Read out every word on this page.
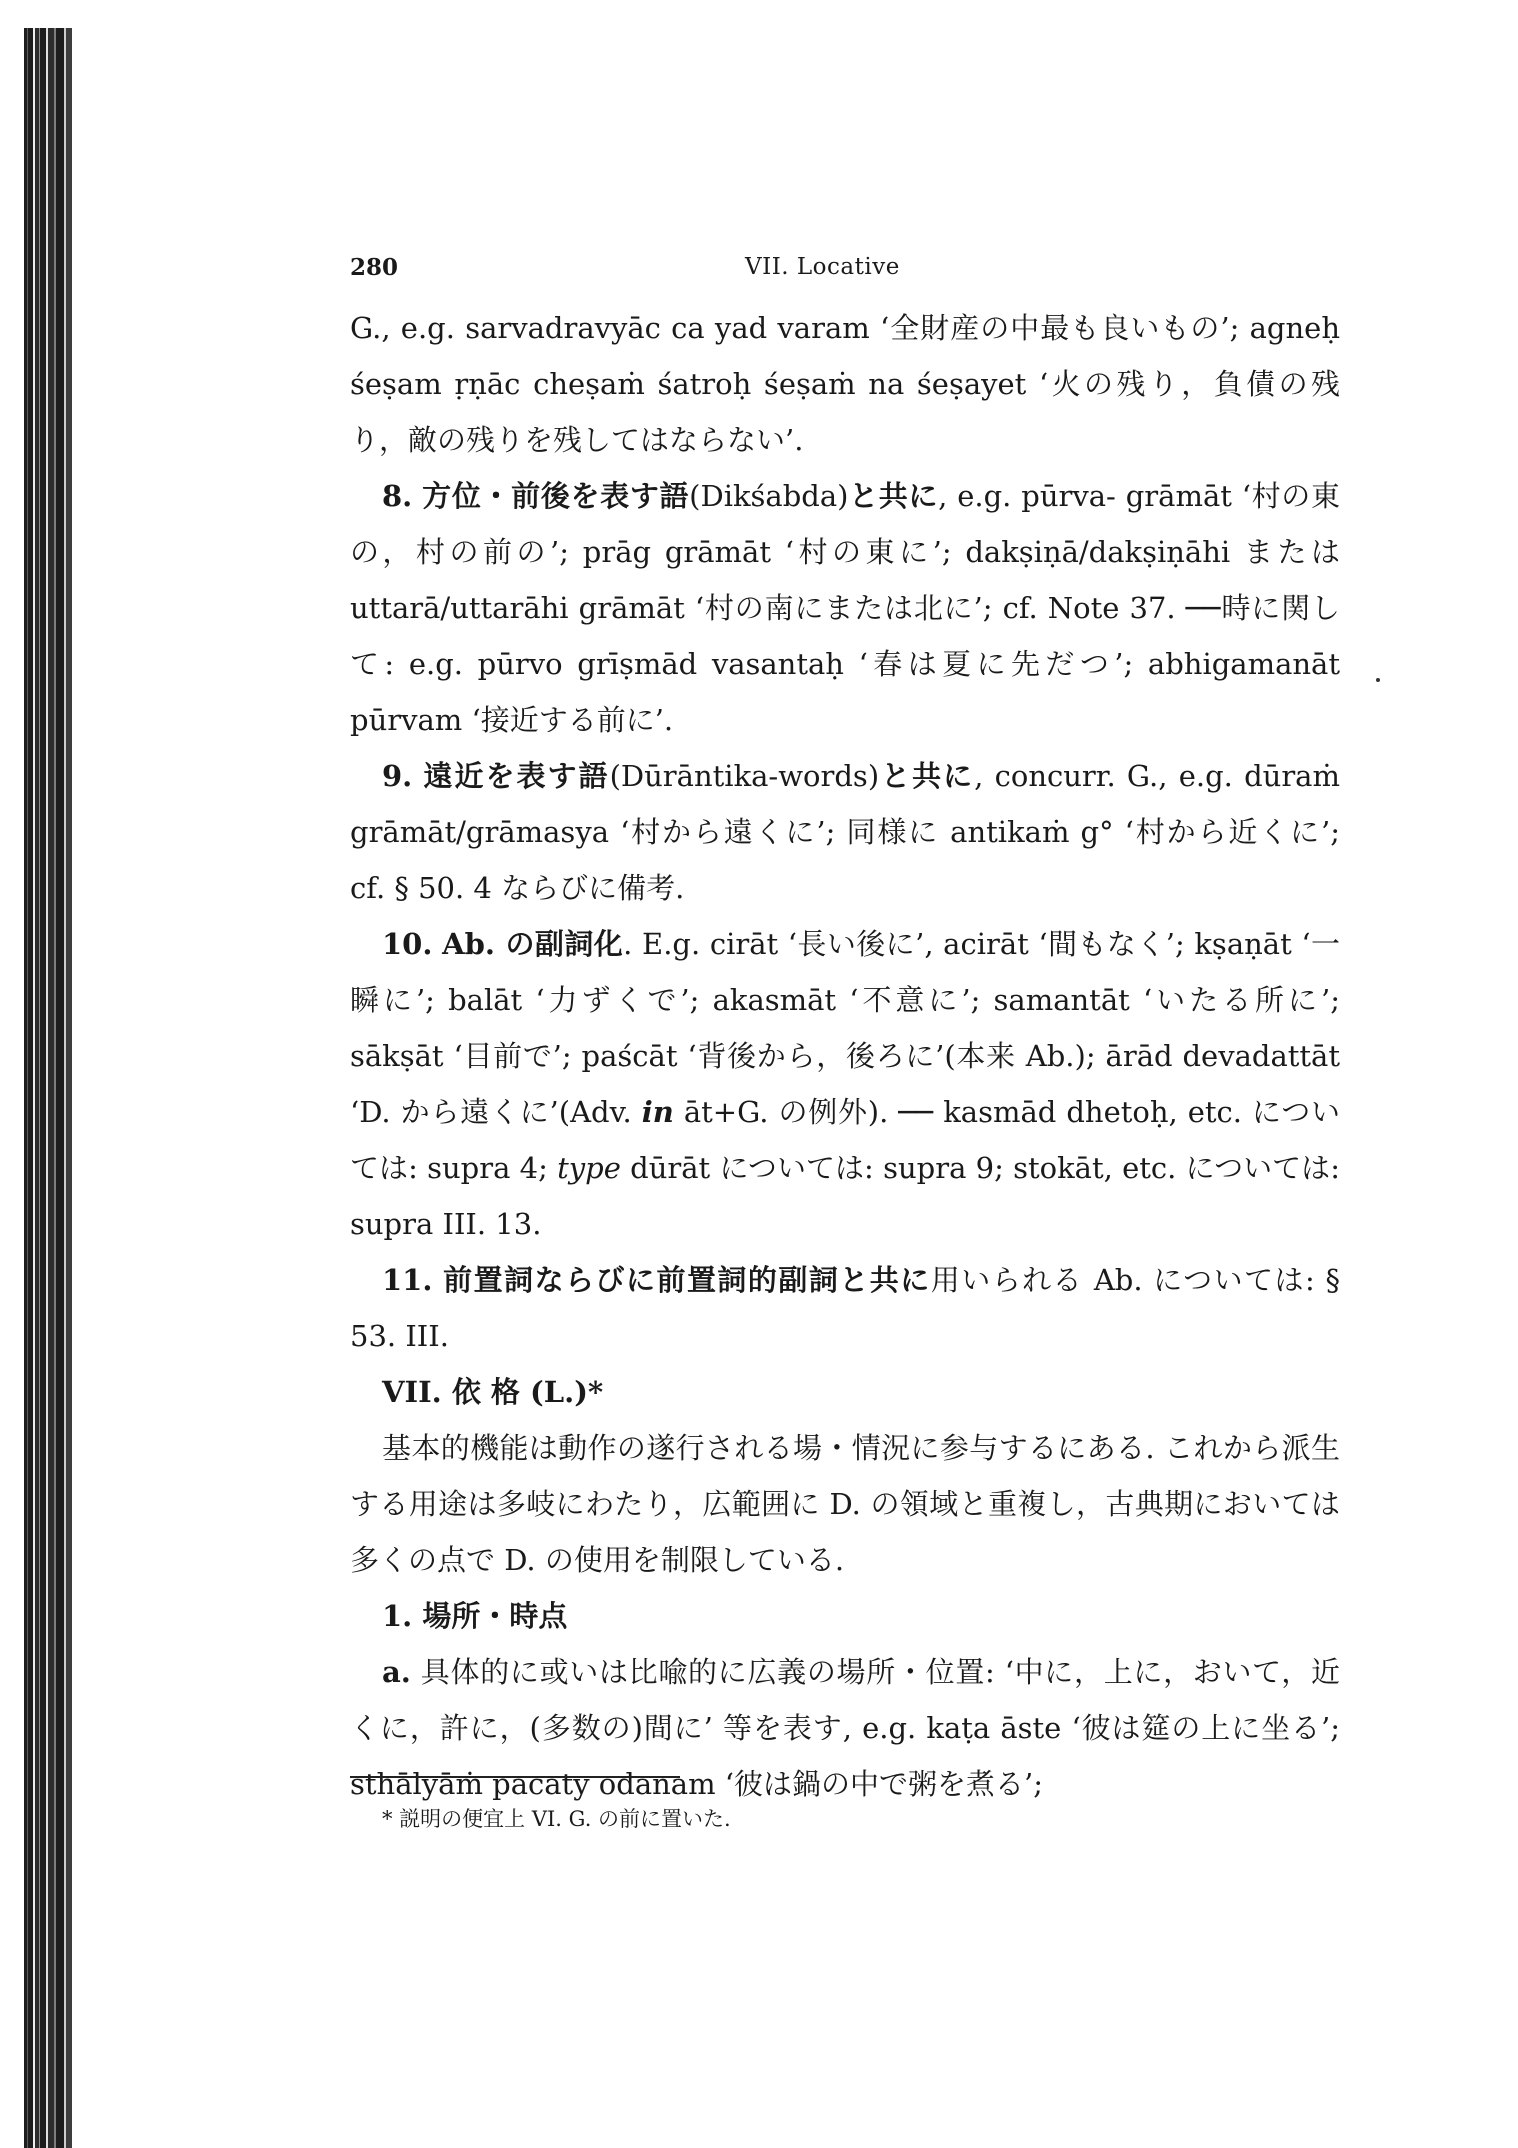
280	VII. Locative

G., e.g. sarvadravyāc ca yad varam ‘全財産の中最も良いもの’; agneḥ śeṣam ṛṇāc cheṣaṁ śatroḥ śeṣaṁ na śeṣayet ‘火の残り，負債の残り，敵の残りを残してはならない’.

8. 方位・前後を表す語(Dikśabda)と共に, e.g. pūrva- grāmāt ‘村の東の，村の前の’; prāg grāmāt ‘村の東に’; dakṣiṇā/dakṣiṇāhi または uttarā/uttarāhi grāmāt ‘村の南にまたは北に’; cf. Note 37. ──時に関して: e.g. pūrvo grīṣmād vasantaḥ ‘春は夏に先だつ’; abhigamanāt pūrvam ‘接近する前に’.

9. 遠近を表す語(Dūrāntika-words)と共に, concurr. G., e.g. dūraṁ grāmāt/grāmasya ‘村から遠くに’; 同様に antikaṁ g° ‘村から近くに’; cf. § 50. 4 ならびに備考.

10. Ab. の副詞化. E.g. cirāt ‘長い後に’, acirāt ‘間もなく’; kṣaṇāt ‘一瞬に’; balāt ‘力ずくで’; akasmāt ‘不意に’; samantāt ‘いたる所に’; sākṣāt ‘目前で’; paścāt ‘背後から，後ろに’(本来 Ab.); ārād devadattāt ‘D. から遠くに’(Adv. in āt+G. の例外). ── kasmād dhetoḥ, etc. については: supra 4; type dūrāt については: supra 9; stokāt, etc. については: supra III. 13.

11. 前置詞ならびに前置詞的副詞と共に用いられる Ab. については: § 53. III.

VII. 依 格 (L.)*

基本的機能は動作の遂行される場・情況に参与するにある. これから派生する用途は多岐にわたり，広範囲に D. の領域と重複し，古典期においては多くの点で D. の使用を制限している.

1. 場所・時点

a. 具体的に或いは比喩的に広義の場所・位置: ‘中に，上に，おいて，近くに，許に，(多数の)間に’ 等を表す, e.g. kaṭa āste ‘彼は筵の上に坐る’; sthālyāṁ pacaty odanam ‘彼は鍋の中で粥を煮る’;

* 説明の便宜上 VI. G. の前に置いた.
